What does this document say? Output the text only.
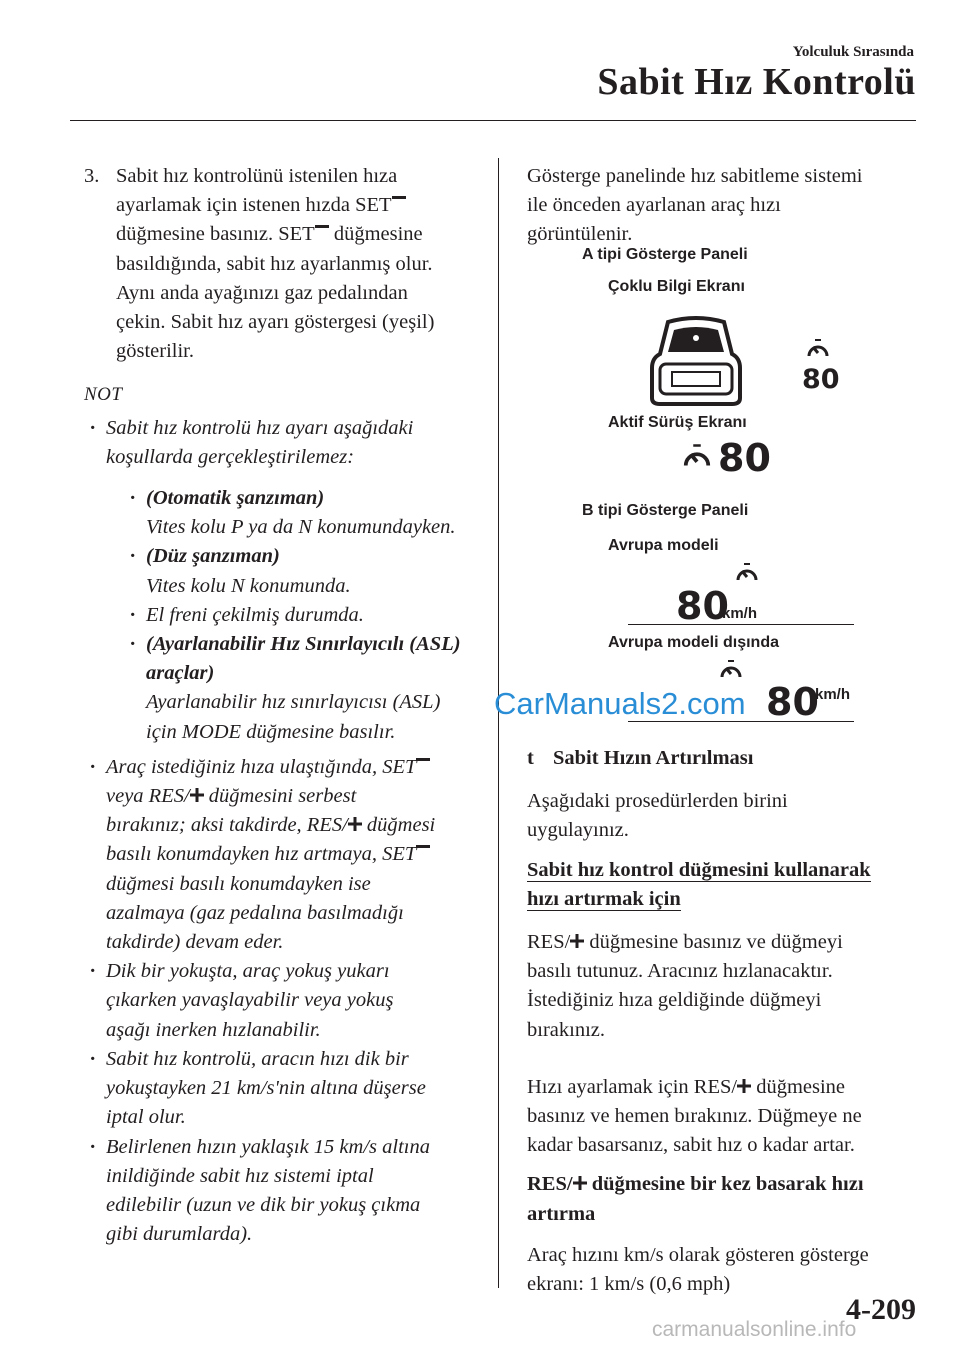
Yolculuk Sırasında
Sabit Hız Kontrolü
3. Sabit hız kontrolünü istenilen hıza
ayarlamak için istenen hızda SET
düğmesine basınız. SET düğmesine
basıldığında, sabit hız ayarlanmış olur.
Aynı anda ayağınızı gaz pedalından
çekin. Sabit hız ayarı göstergesi (yeşil)
gösterilir.
NOT
· Sabit hız kontrolü hız ayarı aşağıdaki
koşullarda gerçekleştirilemez:
· (Otomatik şanzıman)
Vites kolu P ya da N konumundayken.
· (Düz şanzıman)
Vites kolu N konumunda.
· El freni çekilmiş durumda.
· (Ayarlanabilir Hız Sınırlayıcılı (ASL)
araçlar)
Ayarlanabilir hız sınırlayıcısı (ASL)
için MODE düğmesine basılır.
· Araç istediğiniz hıza ulaştığında, SET
veya RES/ düğmesini serbest
bırakınız; aksi takdirde, RES/ düğmesi
basılı konumdayken hız artmaya, SET
düğmesi basılı konumdayken ise
azalmaya (gaz pedalına basılmadığı
takdirde) devam eder.
· Dik bir yokuşta, araç yokuş yukarı
çıkarken yavaşlayabilir veya yokuş
aşağı inerken hızlanabilir.
· Sabit hız kontrolü, aracın hızı dik bir
yokuştayken 21 km/s'nin altına düşerse
iptal olur.
· Belirlenen hızın yaklaşık 15 km/s altına
inildiğinde sabit hız sistemi iptal
edilebilir (uzun ve dik bir yokuş çıkma
gibi durumlarda).
Gösterge panelinde hız sabitleme sistemi
ile önceden ayarlanan araç hızı
görüntülenir.
A tipi Gösterge Paneli
Çoklu Bilgi Ekranı
80
Aktif Sürüş Ekranı
80
B tipi Gösterge Paneli
Avrupa modeli
80
km/h
Avrupa modeli dışında
80
km/h
t Sabit Hızın Artırılması
Aşağıdaki prosedürlerden birini
uygulayınız.
Sabit hız kontrol düğmesini kullanarak
hızı artırmak için
RES/ düğmesine basınız ve düğmeyi
basılı tutunuz. Aracınız hızlanacaktır.
İstediğiniz hıza geldiğinde düğmeyi
bırakınız.
Hızı ayarlamak için RES/ düğmesine
basınız ve hemen bırakınız. Düğmeye ne
kadar basarsanız, sabit hız o kadar artar.
RES/ düğmesine bir kez basarak hızı
artırma
Araç hızını km/s olarak gösteren gösterge
ekranı: 1 km/s (0,6 mph)
4-209
CarManuals2.com
carmanualsonline.info
